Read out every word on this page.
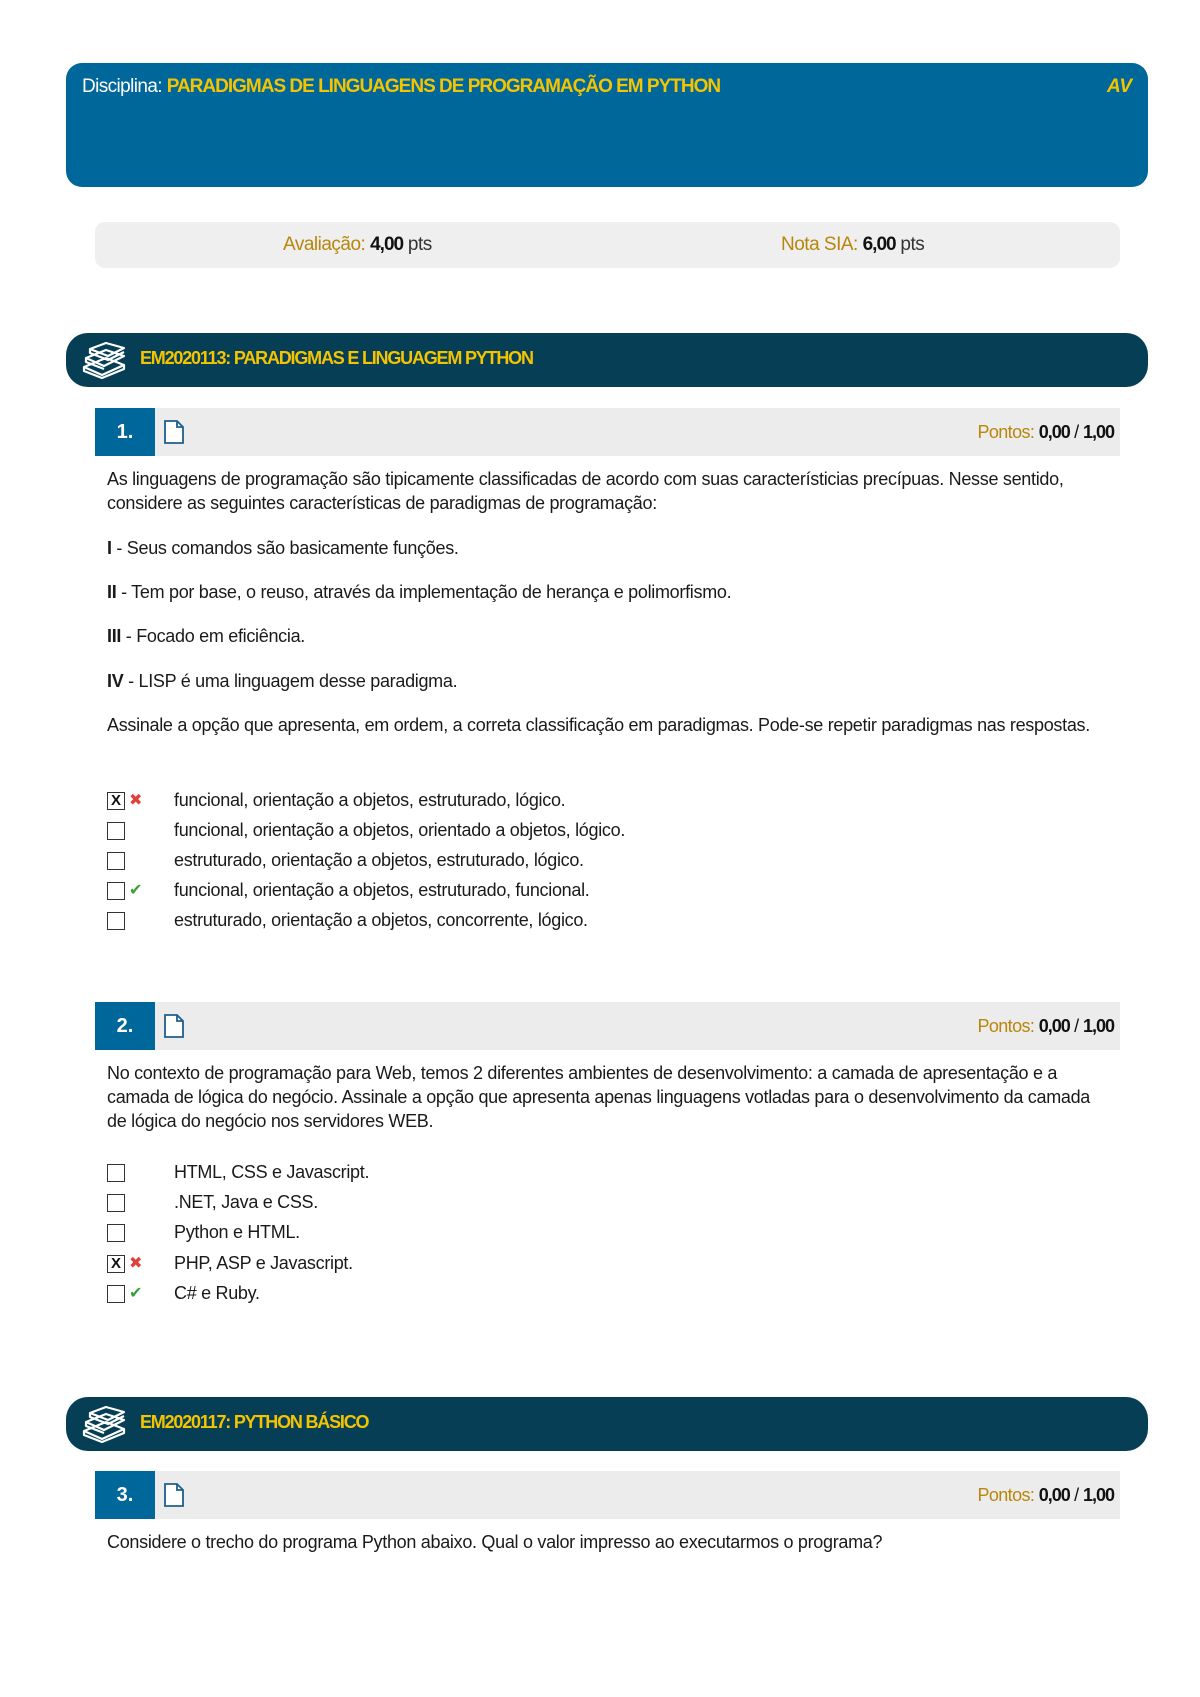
Disciplina: PARADIGMAS DE LINGUAGENS DE PROGRAMAÇÃO EM PYTHON	AV
Avaliação: 4,00 pts	Nota SIA: 6,00 pts
EM2020113: PARADIGMAS E LINGUAGEM PYTHON
1.	Pontos: 0,00 / 1,00
As linguagens de programação são tipicamente classificadas de acordo com suas característicias precípuas. Nesse sentido, considere as seguintes características de paradigmas de programação:
I - Seus comandos são basicamente funções.
II - Tem por base, o reuso, através da implementação de herança e polimorfismo.
III - Focado em eficiência.
IV - LISP é uma linguagem desse paradigma.
Assinale a opção que apresenta, em ordem, a correta classificação em paradigmas. Pode-se repetir paradigmas nas respostas.
X ✖ funcional, orientação a objetos, estruturado, lógico.
funcional, orientação a objetos, orientado a objetos, lógico.
estruturado, orientação a objetos, estruturado, lógico.
✔ funcional, orientação a objetos, estruturado, funcional.
estruturado, orientação a objetos, concorrente, lógico.
2.	Pontos: 0,00 / 1,00
No contexto de programação para Web, temos 2 diferentes ambientes de desenvolvimento: a camada de apresentação e a camada de lógica do negócio. Assinale a opção que apresenta apenas linguagens votladas para o desenvolvimento da camada de lógica do negócio nos servidores WEB.
HTML, CSS e Javascript.
.NET, Java e CSS.
Python e HTML.
X ✖ PHP, ASP e Javascript.
✔ C# e Ruby.
EM2020117: PYTHON BÁSICO
3.	Pontos: 0,00 / 1,00
Considere o trecho do programa Python abaixo. Qual o valor impresso ao executarmos o programa?
